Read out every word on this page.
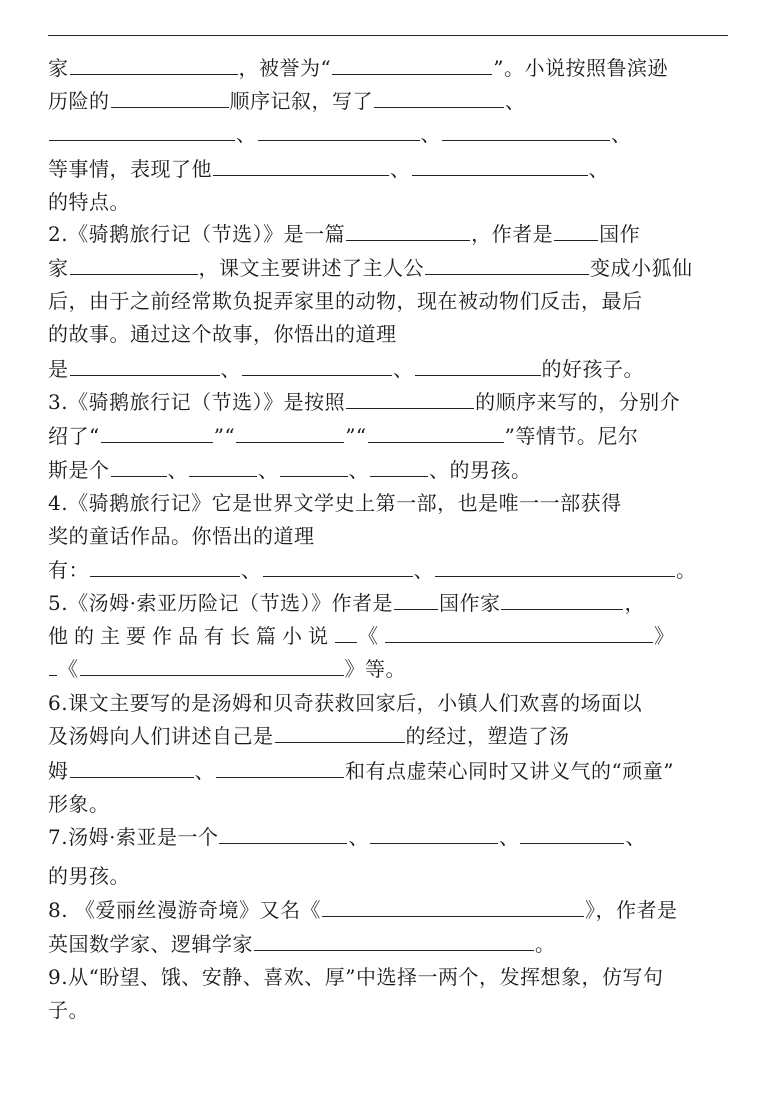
家	，被誉为“	”。小说按照鲁滨逊
历险的	顺序记叙，写了	、
、	、	、
等事情，表现了他	、	、
的特点。
2.《骑鹅旅行记（节选）》是一篇	，作者是 国作
家	，课文主要讲述了主人公	变成小狐仙
后，由于之前经常欺负捉弄家里的动物，现在被动物们反击，最后
的故事。通过这个故事，你悟出的道理
是	、	、	的好孩子。
3.《骑鹅旅行记（节选）》是按照	的顺序来写的，分别介
绍了“	”“	”“	”等情节。尼尔
斯是个	、	、	、	、的男孩。
4.《骑鹅旅行记》它是世界文学史上第一部，也是唯一一部获得
奖的童话作品。你悟出的道理
有：	、	、	。
5.《汤姆·索亚历险记（节选）》作者是 国作家	，
他的主要作品有长篇小说 《	》
《	》等。
6.课文主要写的是汤姆和贝奇获救回家后，小镇人们欢喜的场面以
及汤姆向人们讲述自己是	的经过，塑造了汤
姆	、	和有点虚荣心同时又讲义气的“顽童”
形象。
7.汤姆·索亚是一个	、	、	、
的男孩。
8. 《爱丽丝漫游奇境》又名《	》，作者是
英国数学家、逻辑学家	。
9.从“盼望、饿、安静、喜欢、厚”中选择一两个，发挥想象，仿写句
子。
